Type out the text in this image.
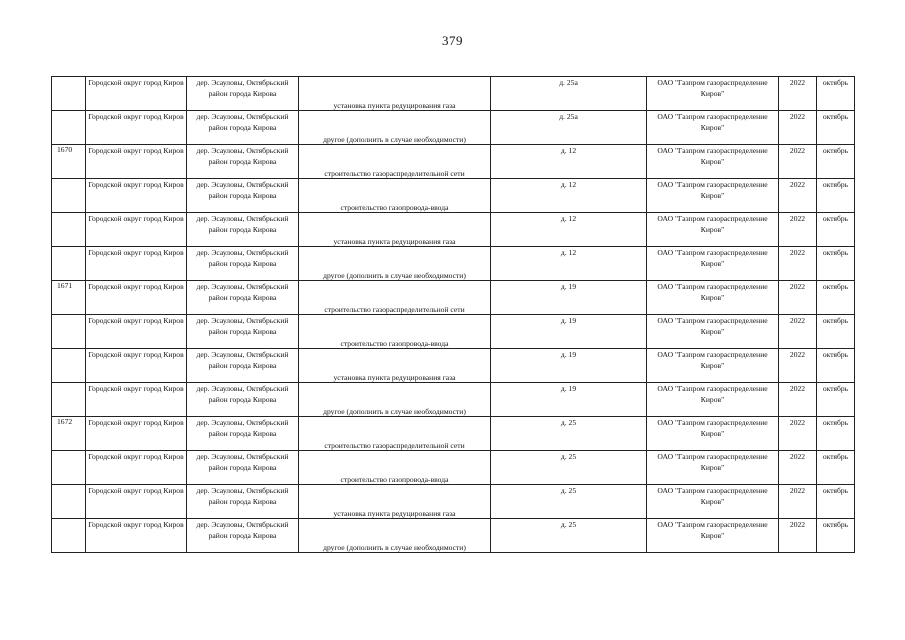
379
	Городской округ город Киров	дер. Эсауловы, Октябрьский район города Кирова	установка пункта редуцирования газа	д. 25а	ОАО "Газпром газораспределение Киров"	2022	октябрь
	Городской округ город Киров	дер. Эсауловы, Октябрьский район города Кирова	другое (дополнить в случае необходимости)	д. 25а	ОАО "Газпром газораспределение Киров"	2022	октябрь
1670	Городской округ город Киров	дер. Эсауловы, Октябрьский район города Кирова	строительство газораспределительной сети	д. 12	ОАО "Газпром газораспределение Киров"	2022	октябрь
	Городской округ город Киров	дер. Эсауловы, Октябрьский район города Кирова	строительство газопровода-ввода	д. 12	ОАО "Газпром газораспределение Киров"	2022	октябрь
	Городской округ город Киров	дер. Эсауловы, Октябрьский район города Кирова	установка пункта редуцирования газа	д. 12	ОАО "Газпром газораспределение Киров"	2022	октябрь
	Городской округ город Киров	дер. Эсауловы, Октябрьский район города Кирова	другое (дополнить в случае необходимости)	д. 12	ОАО "Газпром газораспределение Киров"	2022	октябрь
1671	Городской округ город Киров	дер. Эсауловы, Октябрьский район города Кирова	строительство газораспределительной сети	д. 19	ОАО "Газпром газораспределение Киров"	2022	октябрь
	Городской округ город Киров	дер. Эсауловы, Октябрьский район города Кирова	строительство газопровода-ввода	д. 19	ОАО "Газпром газораспределение Киров"	2022	октябрь
	Городской округ город Киров	дер. Эсауловы, Октябрьский район города Кирова	установка пункта редуцирования газа	д. 19	ОАО "Газпром газораспределение Киров"	2022	октябрь
	Городской округ город Киров	дер. Эсауловы, Октябрьский район города Кирова	другое (дополнить в случае необходимости)	д. 19	ОАО "Газпром газораспределение Киров"	2022	октябрь
1672	Городской округ город Киров	дер. Эсауловы, Октябрьский район города Кирова	строительство газораспределительной сети	д. 25	ОАО "Газпром газораспределение Киров"	2022	октябрь
	Городской округ город Киров	дер. Эсауловы, Октябрьский район города Кирова	строительство газопровода-ввода	д. 25	ОАО "Газпром газораспределение Киров"	2022	октябрь
	Городской округ город Киров	дер. Эсауловы, Октябрьский район города Кирова	установка пункта редуцирования газа	д. 25	ОАО "Газпром газораспределение Киров"	2022	октябрь
	Городской округ город Киров	дер. Эсауловы, Октябрьский район города Кирова	другое (дополнить в случае необходимости)	д. 25	ОАО "Газпром газораспределение Киров"	2022	октябрь
